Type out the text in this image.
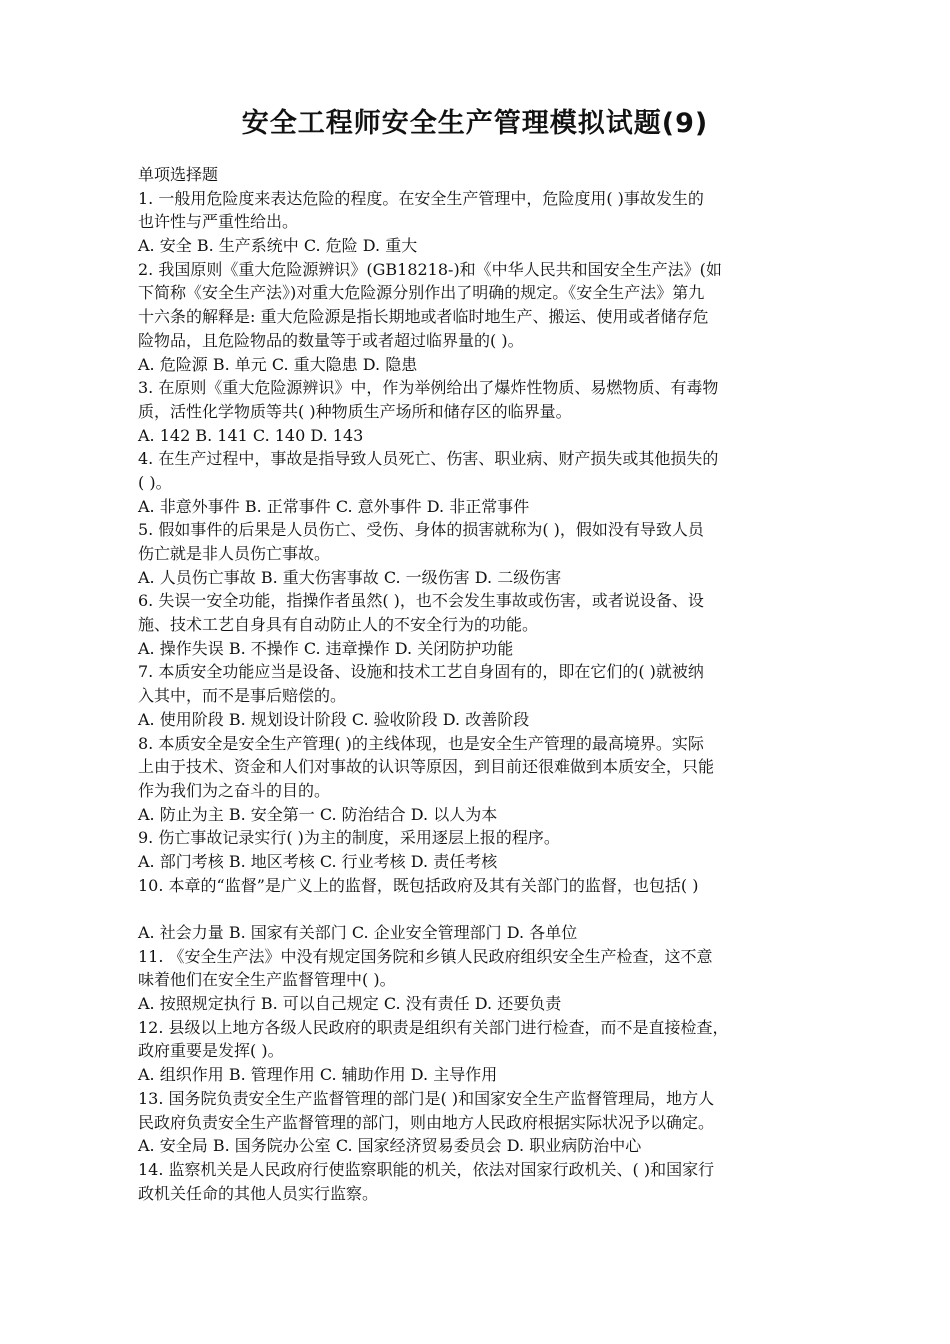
安全工程师安全生产管理模拟试题(9)
单项选择题
1. 一般用危险度来表达危险的程度。在安全生产管理中，危险度用( )事故发生的
也许性与严重性给出。
A. 安全 B. 生产系统中 C. 危险 D. 重大
2. 我国原则《重大危险源辨识》(GB18218-)和《中华人民共和国安全生产法》(如
下简称《安全生产法》)对重大危险源分别作出了明确的规定。《安全生产法》第九
十六条的解释是: 重大危险源是指长期地或者临时地生产、搬运、使用或者储存危
险物品，且危险物品的数量等于或者超过临界量的( )。
A. 危险源 B. 单元 C. 重大隐患 D. 隐患
3. 在原则《重大危险源辨识》中，作为举例给出了爆炸性物质、易燃物质、有毒物
质，活性化学物质等共( )种物质生产场所和储存区的临界量。
A. 142 B. 141 C. 140 D. 143
4. 在生产过程中，事故是指导致人员死亡、伤害、职业病、财产损失或其他损失的
( )。
A. 非意外事件 B. 正常事件 C. 意外事件 D. 非正常事件
5. 假如事件的后果是人员伤亡、受伤、身体的损害就称为( )，假如没有导致人员
伤亡就是非人员伤亡事故。
A. 人员伤亡事故 B. 重大伤害事故 C. 一级伤害 D. 二级伤害
6. 失误一安全功能，指操作者虽然( )，也不会发生事故或伤害，或者说设备、设
施、技术工艺自身具有自动防止人的不安全行为的功能。
A. 操作失误 B. 不操作 C. 违章操作 D. 关闭防护功能
7. 本质安全功能应当是设备、设施和技术工艺自身固有的，即在它们的( )就被纳
入其中，而不是事后赔偿的。
A. 使用阶段 B. 规划设计阶段 C. 验收阶段 D. 改善阶段
8. 本质安全是安全生产管理( )的主线体现，也是安全生产管理的最高境界。实际
上由于技术、资金和人们对事故的认识等原因，到目前还很难做到本质安全，只能
作为我们为之奋斗的目的。
A. 防止为主 B. 安全第一 C. 防治结合 D. 以人为本
9. 伤亡事故记录实行( )为主的制度，采用逐层上报的程序。
A. 部门考核 B. 地区考核 C. 行业考核 D. 责任考核
10. 本章的“监督”是广义上的监督，既包括政府及其有关部门的监督，也包括( )
A. 社会力量 B. 国家有关部门 C. 企业安全管理部门 D. 各单位
11. 《安全生产法》中没有规定国务院和乡镇人民政府组织安全生产检查，这不意
味着他们在安全生产监督管理中( )。
A. 按照规定执行 B. 可以自己规定 C. 没有责任 D. 还要负责
12. 县级以上地方各级人民政府的职责是组织有关部门进行检查，而不是直接检查，
政府重要是发挥( )。
A. 组织作用 B. 管理作用 C. 辅助作用 D. 主导作用
13. 国务院负责安全生产监督管理的部门是( )和国家安全生产监督管理局，地方人
民政府负责安全生产监督管理的部门，则由地方人民政府根据实际状况予以确定。
A. 安全局 B. 国务院办公室 C. 国家经济贸易委员会 D. 职业病防治中心
14. 监察机关是人民政府行使监察职能的机关，依法对国家行政机关、( )和国家行
政机关任命的其他人员实行监察。
